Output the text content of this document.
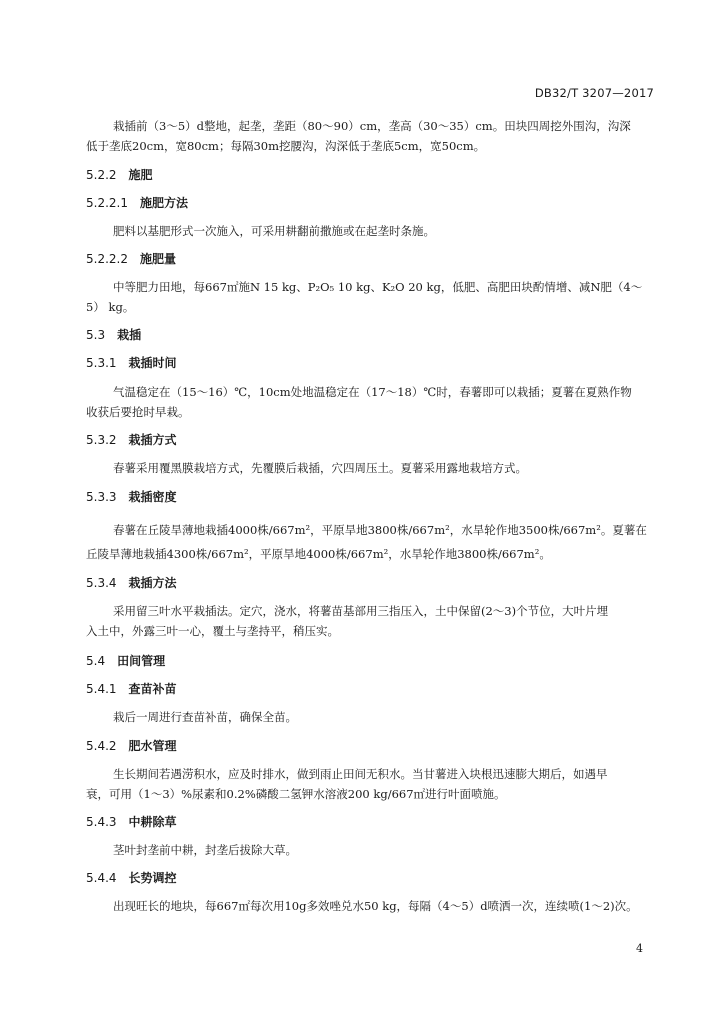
DB32/T 3207—2017
栽插前（3～5）d整地，起垄，垄距（80～90）cm，垄高（30～35）cm。田块四周挖外围沟，沟深
低于垄底20cm，宽80cm；每隔30m挖腰沟，沟深低于垄底5cm，宽50cm。
5.2.2 施肥
5.2.2.1 施肥方法
肥料以基肥形式一次施入，可采用耕翻前撒施或在起垄时条施。
5.2.2.2 施肥量
中等肥力田地，每667㎡施N 15 kg、P₂O₅ 10 kg、K₂O 20 kg，低肥、高肥田块酌情增、减N肥（4～
5） kg。
5.3 栽插
5.3.1 栽插时间
气温稳定在（15～16）℃，10cm处地温稳定在（17～18）℃时，春薯即可以栽插；夏薯在夏熟作物
收获后要抢时早栽。
5.3.2 栽插方式
春薯采用覆黑膜栽培方式，先覆膜后栽插，穴四周压土。夏薯采用露地栽培方式。
5.3.3 栽插密度
春薯在丘陵旱薄地栽插4000株/667m²，平原旱地3800株/667m²，水旱轮作地3500株/667m²。夏薯在
丘陵旱薄地栽插4300株/667m²，平原旱地4000株/667m²，水旱轮作地3800株/667m²。
5.3.4 栽插方法
采用留三叶水平栽插法。定穴，浇水，将薯苗基部用三指压入，土中保留(2～3)个节位，大叶片埋
入土中，外露三叶一心，覆土与垄持平，稍压实。
5.4 田间管理
5.4.1 查苗补苗
栽后一周进行查苗补苗，确保全苗。
5.4.2 肥水管理
生长期间若遇涝积水，应及时排水，做到雨止田间无积水。当甘薯进入块根迅速膨大期后，如遇早
衰，可用（1～3）%尿素和0.2%磷酸二氢钾水溶液200 kg/667㎡进行叶面喷施。
5.4.3 中耕除草
茎叶封垄前中耕，封垄后拔除大草。
5.4.4 长势调控
出现旺长的地块，每667㎡每次用10g多效唑兑水50 kg，每隔（4～5）d喷洒一次，连续喷(1～2)次。
4
